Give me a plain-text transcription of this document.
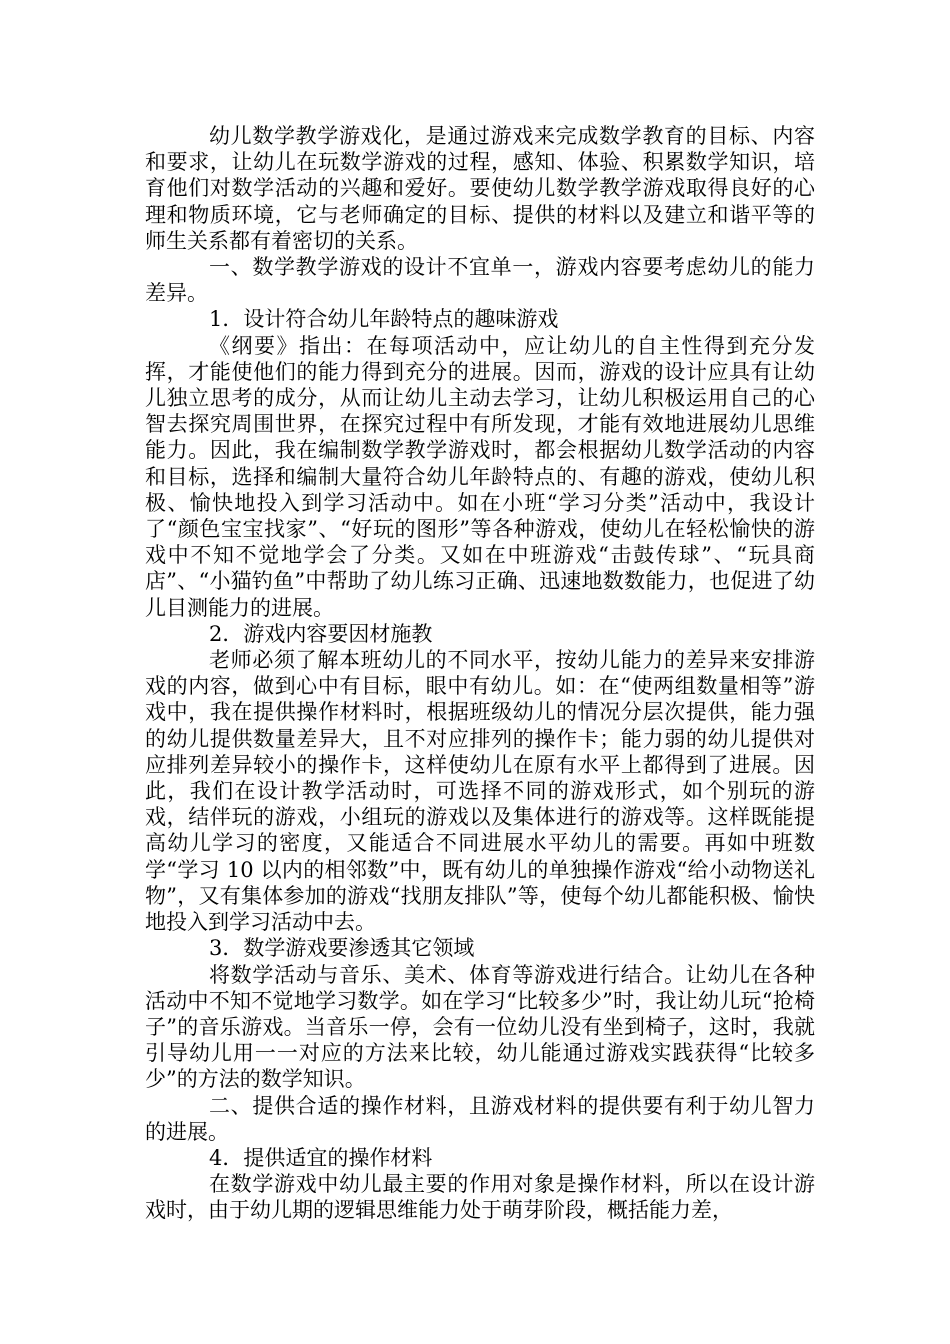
幼儿数学教学游戏化，是通过游戏来完成数学教育的目标、内容和要求，让幼儿在玩数学游戏的过程，感知、体验、积累数学知识，培育他们对数学活动的兴趣和爱好。要使幼儿数学教学游戏取得良好的心理和物质环境，它与老师确定的目标、提供的材料以及建立和谐平等的师生关系都有着密切的关系。

一、数学教学游戏的设计不宜单一，游戏内容要考虑幼儿的能力差异。

1．设计符合幼儿年龄特点的趣味游戏

《纲要》指出：在每项活动中，应让幼儿的自主性得到充分发挥，才能使他们的能力得到充分的进展。因而，游戏的设计应具有让幼儿独立思考的成分，从而让幼儿主动去学习，让幼儿积极运用自己的心智去探究周围世界，在探究过程中有所发现，才能有效地进展幼儿思维能力。因此，我在编制数学教学游戏时，都会根据幼儿数学活动的内容和目标，选择和编制大量符合幼儿年龄特点的、有趣的游戏，使幼儿积极、愉快地投入到学习活动中。如在小班“学习分类”活动中，我设计了“颜色宝宝找家”、“好玩的图形”等各种游戏，使幼儿在轻松愉快的游戏中不知不觉地学会了分类。又如在中班游戏“击鼓传球”、“玩具商店”、“小猫钓鱼”中帮助了幼儿练习正确、迅速地数数能力，也促进了幼儿目测能力的进展。

2．游戏内容要因材施教

老师必须了解本班幼儿的不同水平，按幼儿能力的差异来安排游戏的内容，做到心中有目标，眼中有幼儿。如：在“使两组数量相等”游戏中，我在提供操作材料时，根据班级幼儿的情况分层次提供，能力强的幼儿提供数量差异大，且不对应排列的操作卡；能力弱的幼儿提供对应排列差异较小的操作卡，这样使幼儿在原有水平上都得到了进展。因此，我们在设计教学活动时，可选择不同的游戏形式，如个别玩的游戏，结伴玩的游戏，小组玩的游戏以及集体进行的游戏等。这样既能提高幼儿学习的密度，又能适合不同进展水平幼儿的需要。再如中班数学“学习 10 以内的相邻数”中，既有幼儿的单独操作游戏“给小动物送礼物”，又有集体参加的游戏“找朋友排队”等，使每个幼儿都能积极、愉快地投入到学习活动中去。

3．数学游戏要渗透其它领域

将数学活动与音乐、美术、体育等游戏进行结合。让幼儿在各种活动中不知不觉地学习数学。如在学习“比较多少”时，我让幼儿玩“抢椅子”的音乐游戏。当音乐一停，会有一位幼儿没有坐到椅子，这时，我就引导幼儿用一一对应的方法来比较，幼儿能通过游戏实践获得“比较多少”的方法的数学知识。

二、提供合适的操作材料，且游戏材料的提供要有利于幼儿智力的进展。

4．提供适宜的操作材料

在数学游戏中幼儿最主要的作用对象是操作材料，所以在设计游戏时，由于幼儿期的逻辑思维能力处于萌芽阶段，概括能力差，
